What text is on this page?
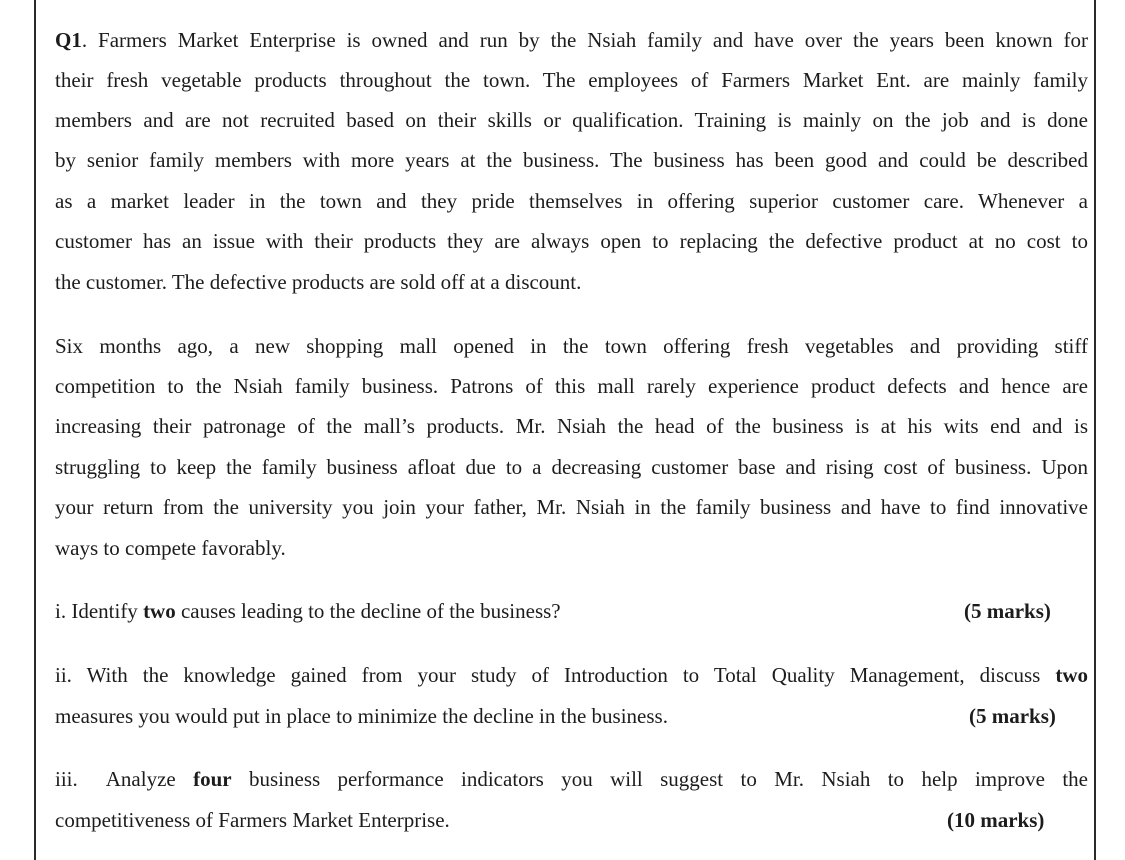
Q1. Farmers Market Enterprise is owned and run by the Nsiah family and have over the years been known for
their fresh vegetable products throughout the town. The employees of Farmers Market Ent. are mainly family
members and are not recruited based on their skills or qualification. Training is mainly on the job and is done
by senior family members with more years at the business. The business has been good and could be described
as a market leader in the town and they pride themselves in offering superior customer care. Whenever a
customer has an issue with their products they are always open to replacing the defective product at no cost to
the customer. The defective products are sold off at a discount.
Six months ago, a new shopping mall opened in the town offering fresh vegetables and providing stiff
competition to the Nsiah family business. Patrons of this mall rarely experience product defects and hence are
increasing their patronage of the mall’s products. Mr. Nsiah the head of the business is at his wits end and is
struggling to keep the family business afloat due to a decreasing customer base and rising cost of business. Upon
your return from the university you join your father, Mr. Nsiah in the family business and have to find innovative
ways to compete favorably.
i. Identify two causes leading to the decline of the business?	(5 marks)
ii. With the knowledge gained from your study of Introduction to Total Quality Management, discuss two
measures you would put in place to minimize the decline in the business.	(5 marks)
iii. Analyze four business performance indicators you will suggest to Mr. Nsiah to help improve the
competitiveness of Farmers Market Enterprise.	(10 marks)
